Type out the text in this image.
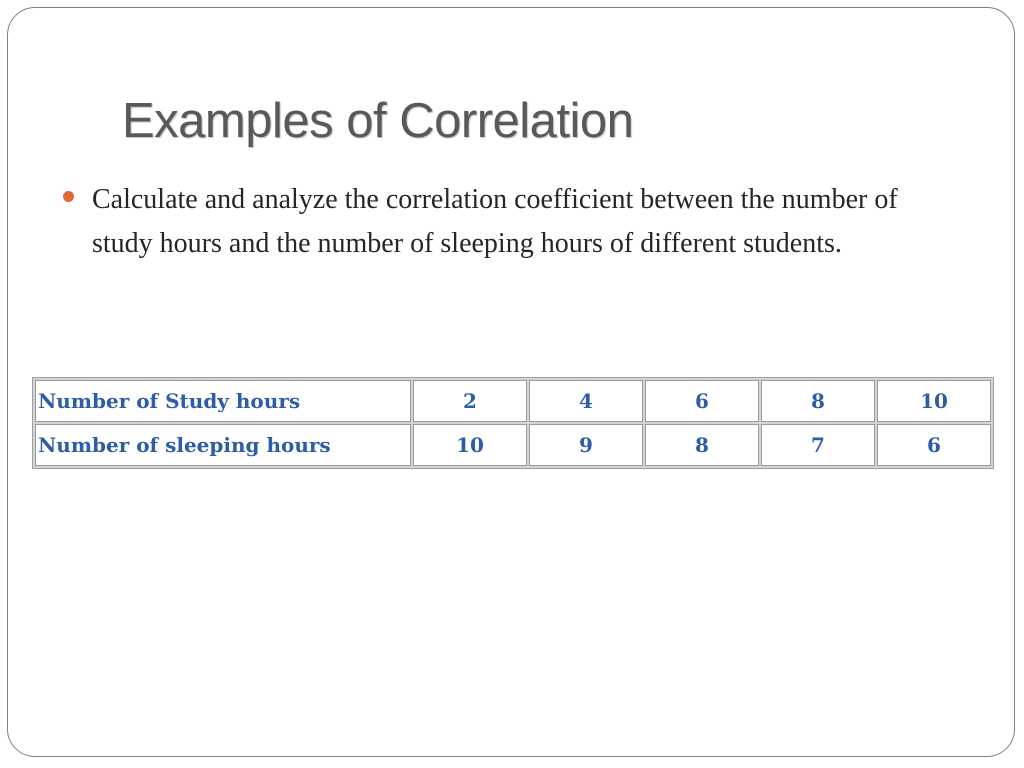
Examples of Correlation
Calculate and analyze the correlation coefficient between the number of study hours and the number of sleeping hours of different students.
Number of Study hours	2	4	6	8	10
Number of sleeping hours	10	9	8	7	6
